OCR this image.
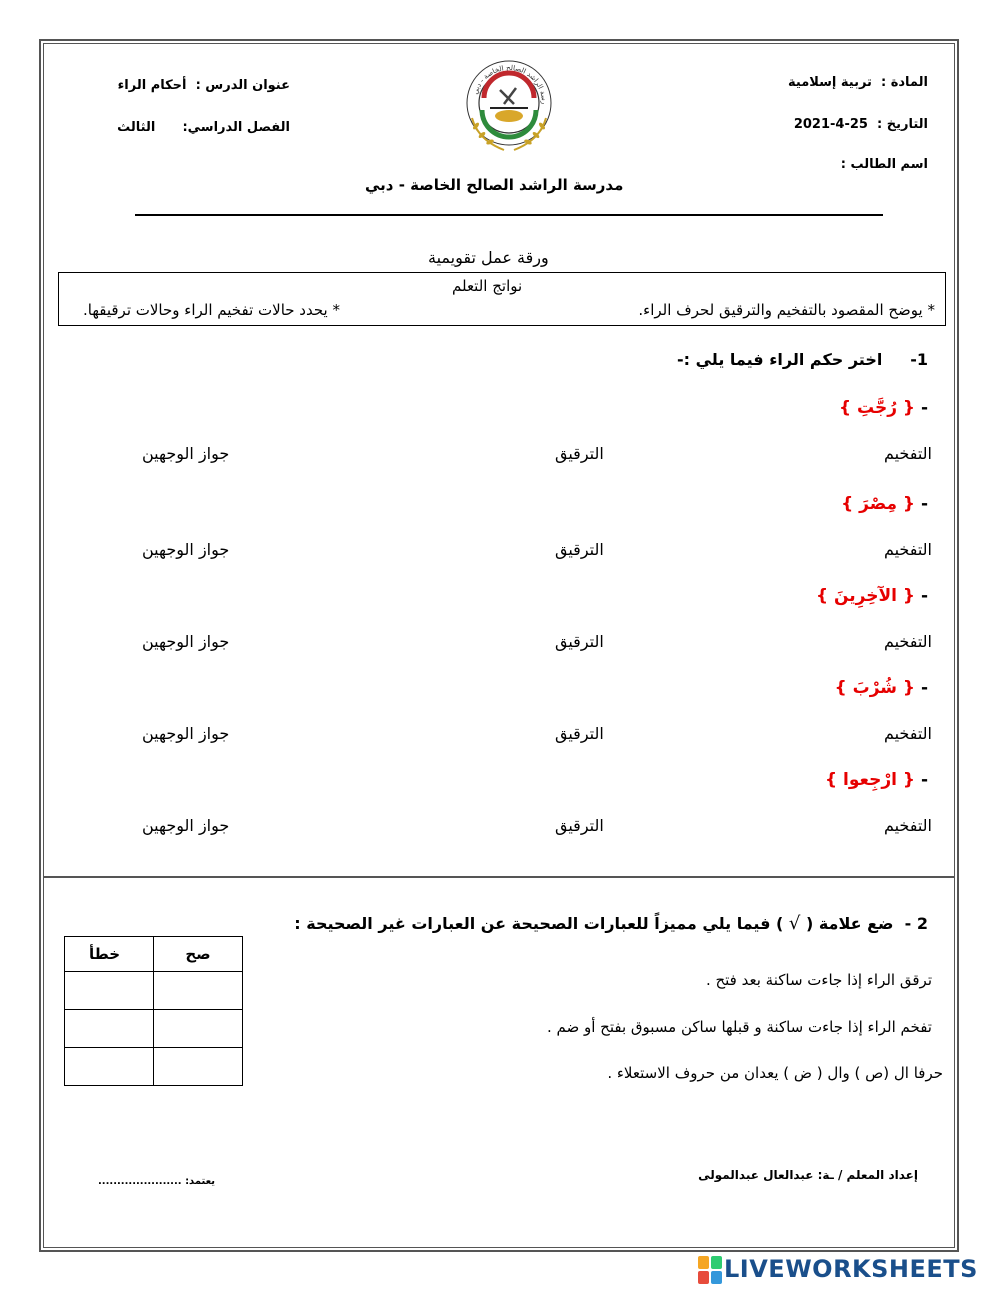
المادة :  تربية إسلامية
التاريخ :  2021-4-25
اسم الطالب :
عنوان الدرس :  أحكام الراء
الفصل الدراسي:      الثالث
رسة الراشد الصالح الخاصة - دبي
مدرسة الراشد الصالح الخاصة - دبي
ورقة عمل تقويمية
نواتج التعلم
* يوضح المقصود بالتفخيم والترقيق لحرف الراء.
* يحدد حالات تفخيم الراء وحالات ترقيقها.
1-     اختر حكم الراء فيما يلي :-
- { رُجَّتِ }
التفخيم
الترقيق
جواز الوجهين
- { مِصْرَ }
التفخيم
الترقيق
جواز الوجهين
- { الآخِرِينَ }
التفخيم
الترقيق
جواز الوجهين
- { شُرْبَ }
التفخيم
الترقيق
جواز الوجهين
- { ارْجِعوا }
التفخيم
الترقيق
جواز الوجهين
2 -  ضع علامة ( √ ) فيما يلي مميزاً للعبارات الصحيحة عن العبارات غير الصحيحة :
ترقق الراء إذا جاءت ساكنة بعد فتح .
تفخم الراء إذا جاءت ساكنة و قبلها ساكن مسبوق بفتح أو ضم .
حرفا ال (ص ) وال ( ض ) يعدان من حروف الاستعلاء .
خطأ	صح

إعداد المعلم / ـة: عبدالعال عبدالمولى
يعتمد: ......................
LIVEWORKSHEETS
